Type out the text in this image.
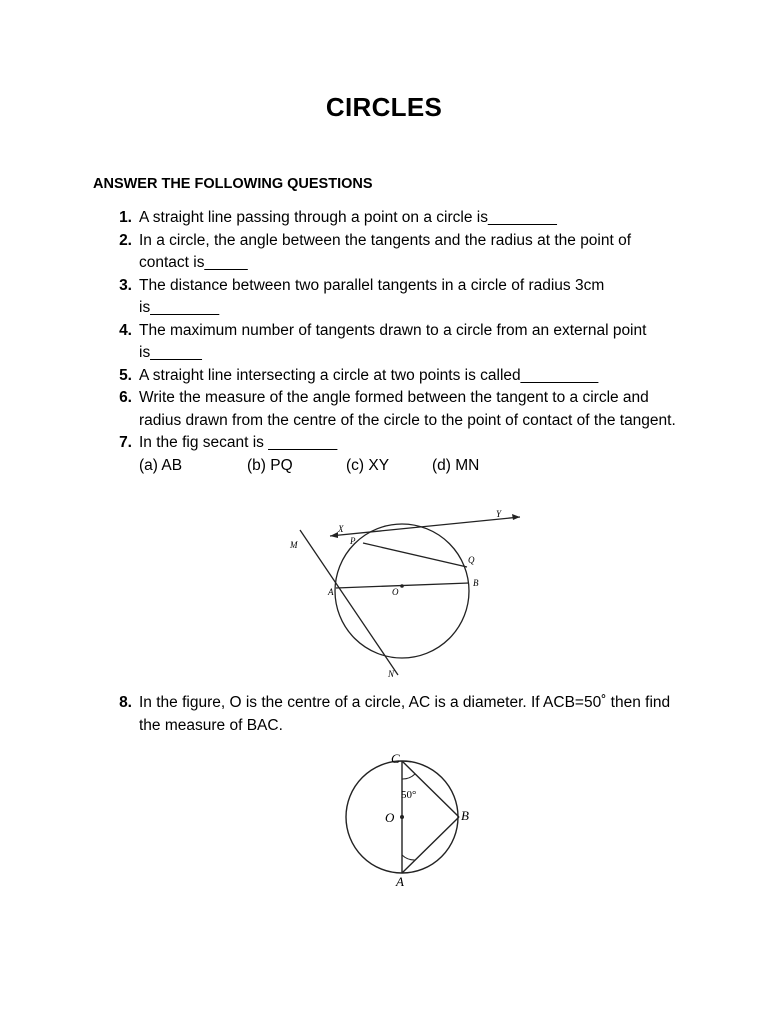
CIRCLES
ANSWER THE FOLLOWING QUESTIONS
1. A straight line passing through a point on a circle is________
2. In a circle, the angle between the tangents and the radius at the point of contact is_____
3. The distance between two parallel tangents in a circle of radius 3cm is________
4. The maximum number of tangents drawn to a circle from an external point is______
5. A straight line intersecting a circle at two points is called_________
6. Write the measure of the angle formed between the tangent to a circle and radius drawn from the centre of the circle to the point of contact of the tangent.
7. In the fig secant is ________
(a) AB	(b) PQ	(c) XY	(d) MN
X
Y
M	P
Q
A	O
B
N
8. In the figure, O is the centre of a circle, AC is a diameter. If ACB=50˚ then find the measure of BAC.
C
O	B
A
50°
